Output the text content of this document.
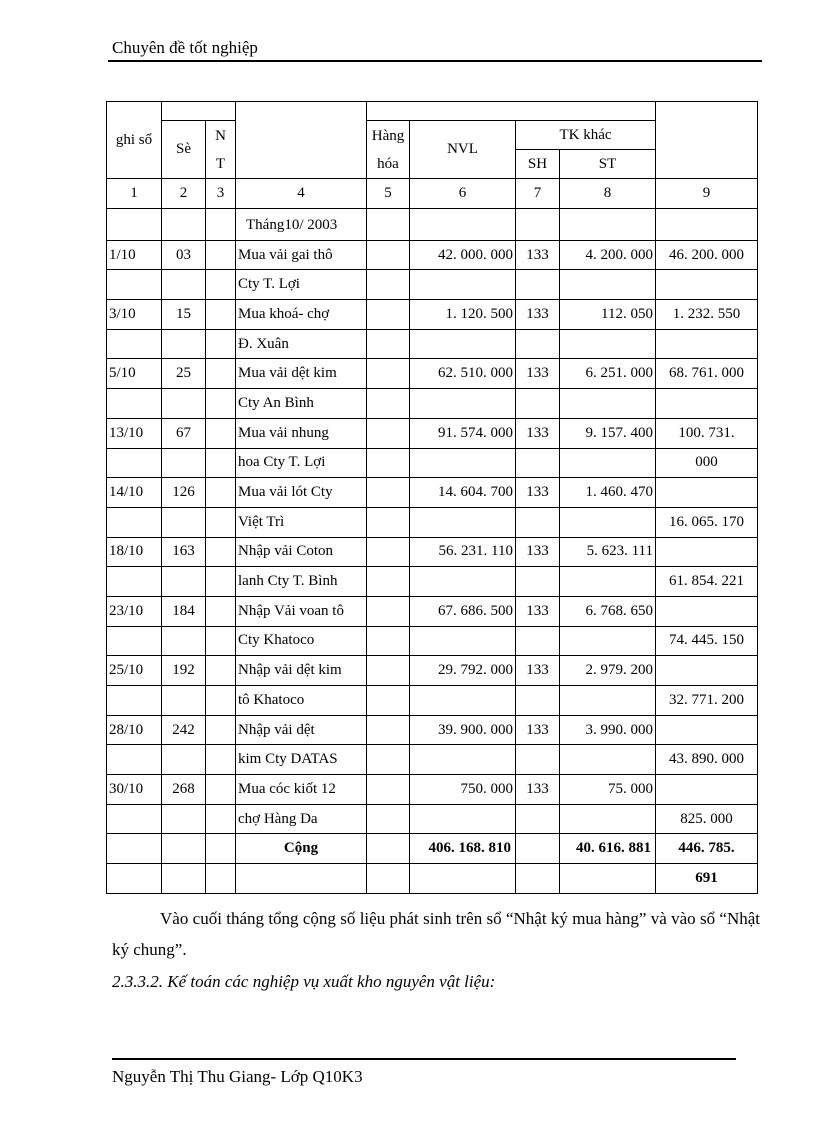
Chuyên đề tốt nghiệp
ghi sổ								
	Sè	N
T		Hàng
hóa	NVL	TK khác		
						SH	ST	
1	2	3	4	5	6	7	8	9
			Tháng10/ 2003					
1/10	03		Mua vải gai thô		42. 000. 000	133	4. 200. 000	46. 200. 000
			Cty T. Lợi					
3/10	15		Mua khoá- chợ		1. 120. 500	133	112. 050	1. 232. 550
			Đ. Xuân					
5/10	25		Mua vải dệt kim		62. 510. 000	133	6. 251. 000	68. 761. 000
			Cty An Bình					
13/10	67		Mua vải nhung		91. 574. 000	133	9. 157. 400	100. 731.
			hoa Cty T. Lợi					000
14/10	126		Mua vải lót Cty		14. 604. 700	133	1. 460. 470	
			Việt Trì					16. 065. 170
18/10	163		Nhập vải Coton		56. 231. 110	133	5. 623. 111	
			lanh Cty T. Bình					61. 854. 221
23/10	184		Nhập Vải voan tô		67. 686. 500	133	6. 768. 650	
			Cty Khatoco					74. 445. 150
25/10	192		Nhập vải dệt kim		29. 792. 000	133	2. 979. 200	
			tô Khatoco					32. 771. 200
28/10	242		Nhập vải dệt		39. 900. 000	133	3. 990. 000	
			kim Cty DATAS					43. 890. 000
30/10	268		Mua cóc kiốt 12		750. 000	133	75. 000	
			chợ Hàng Da					825. 000
			Cộng		406. 168. 810		40. 616. 881	446. 785.
								691
Vào cuối tháng tổng cộng số liệu phát sinh trên sổ “Nhật ký mua hàng” và vào sổ “Nhật ký chung”.
2.3.3.2. Kế toán các nghiệp vụ xuất kho nguyên vật liệu:
Nguyễn Thị Thu Giang- Lớp Q10K3
